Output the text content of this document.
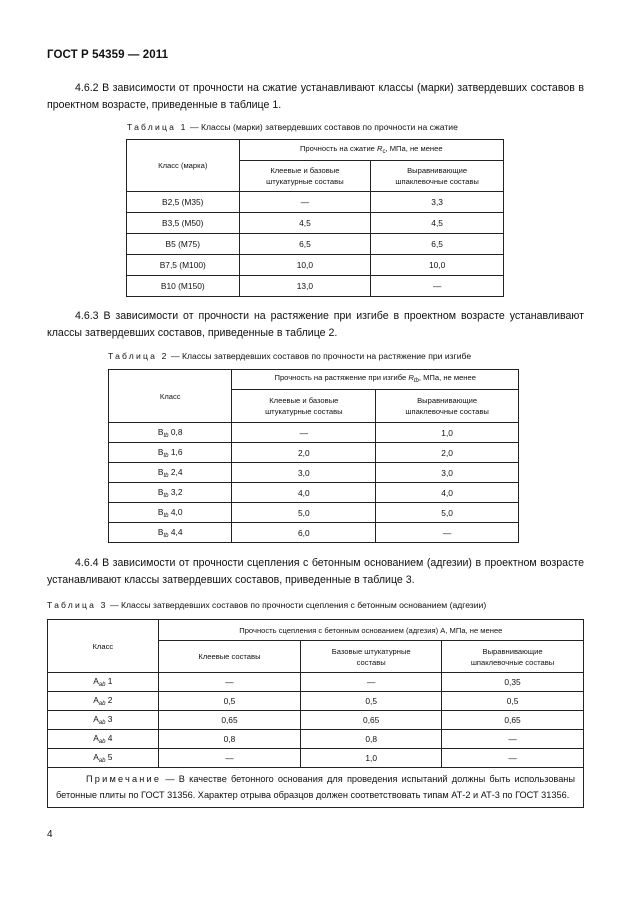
ГОСТ Р 54359 — 2011
4.6.2 В зависимости от прочности на сжатие устанавливают классы (марки) затвердевших составов в проектном возрасте, приведенные в таблице 1.
Таблица 1 — Классы (марки) затвердевших составов по прочности на сжатие
Класс (марка)	Прочность на сжатие $R_c$, МПа, не менее	
	Клеевые и базовые штукатурные составы	Выравнивающие шпаклевочные составы
B2,5 (M35)	—	3,3
B3,5 (M50)	4,5	4,5
B5 (M75)	6,5	6,5
B7,5 (M100)	10,0	10,0
B10 (M150)	13,0	—
4.6.3 В зависимости от прочности на растяжение при изгибе в проектном возрасте устанавливают классы затвердевших составов, приведенные в таблице 2.
Таблица 2 — Классы затвердевших составов по прочности на растяжение при изгибе
Класс	Прочность на растяжение при изгибе $R_{tb}$, МПа, не менее	
	Клеевые и базовые штукатурные составы	Выравнивающие шпаклевочные составы
$B_{tb}$ 0,8	—	1,0
$B_{tb}$ 1,6	2,0	2,0
$B_{tb}$ 2,4	3,0	3,0
$B_{tb}$ 3,2	4,0	4,0
$B_{tb}$ 4,0	5,0	5,0
$B_{tb}$ 4,4	6,0	—
4.6.4 В зависимости от прочности сцепления с бетонным основанием (адгезии) в проектном возрасте устанавливают классы затвердевших составов, приведенные в таблице 3.
Таблица 3 — Классы затвердевших составов по прочности сцепления с бетонным основанием (адгезии)
Класс	Прочность сцепления с бетонным основанием (адгезия) А, МПа, не менее		
	Клеевые составы	Базовые штукатурные составы	Выравнивающие шпаклевочные составы
$A_{ab}$ 1	—	—	0,35
$A_{ab}$ 2	0,5	0,5	0,5
$A_{ab}$ 3	0,65	0,65	0,65
$A_{ab}$ 4	0,8	0,8	—
$A_{ab}$ 5	—	1,0	—
Примечание — В качестве бетонного основания для проведения испытаний должны быть использованы бетонные плиты по ГОСТ 31356. Характер отрыва образцов должен соответствовать типам АТ-2 и АТ-3 по ГОСТ 31356.			
4
